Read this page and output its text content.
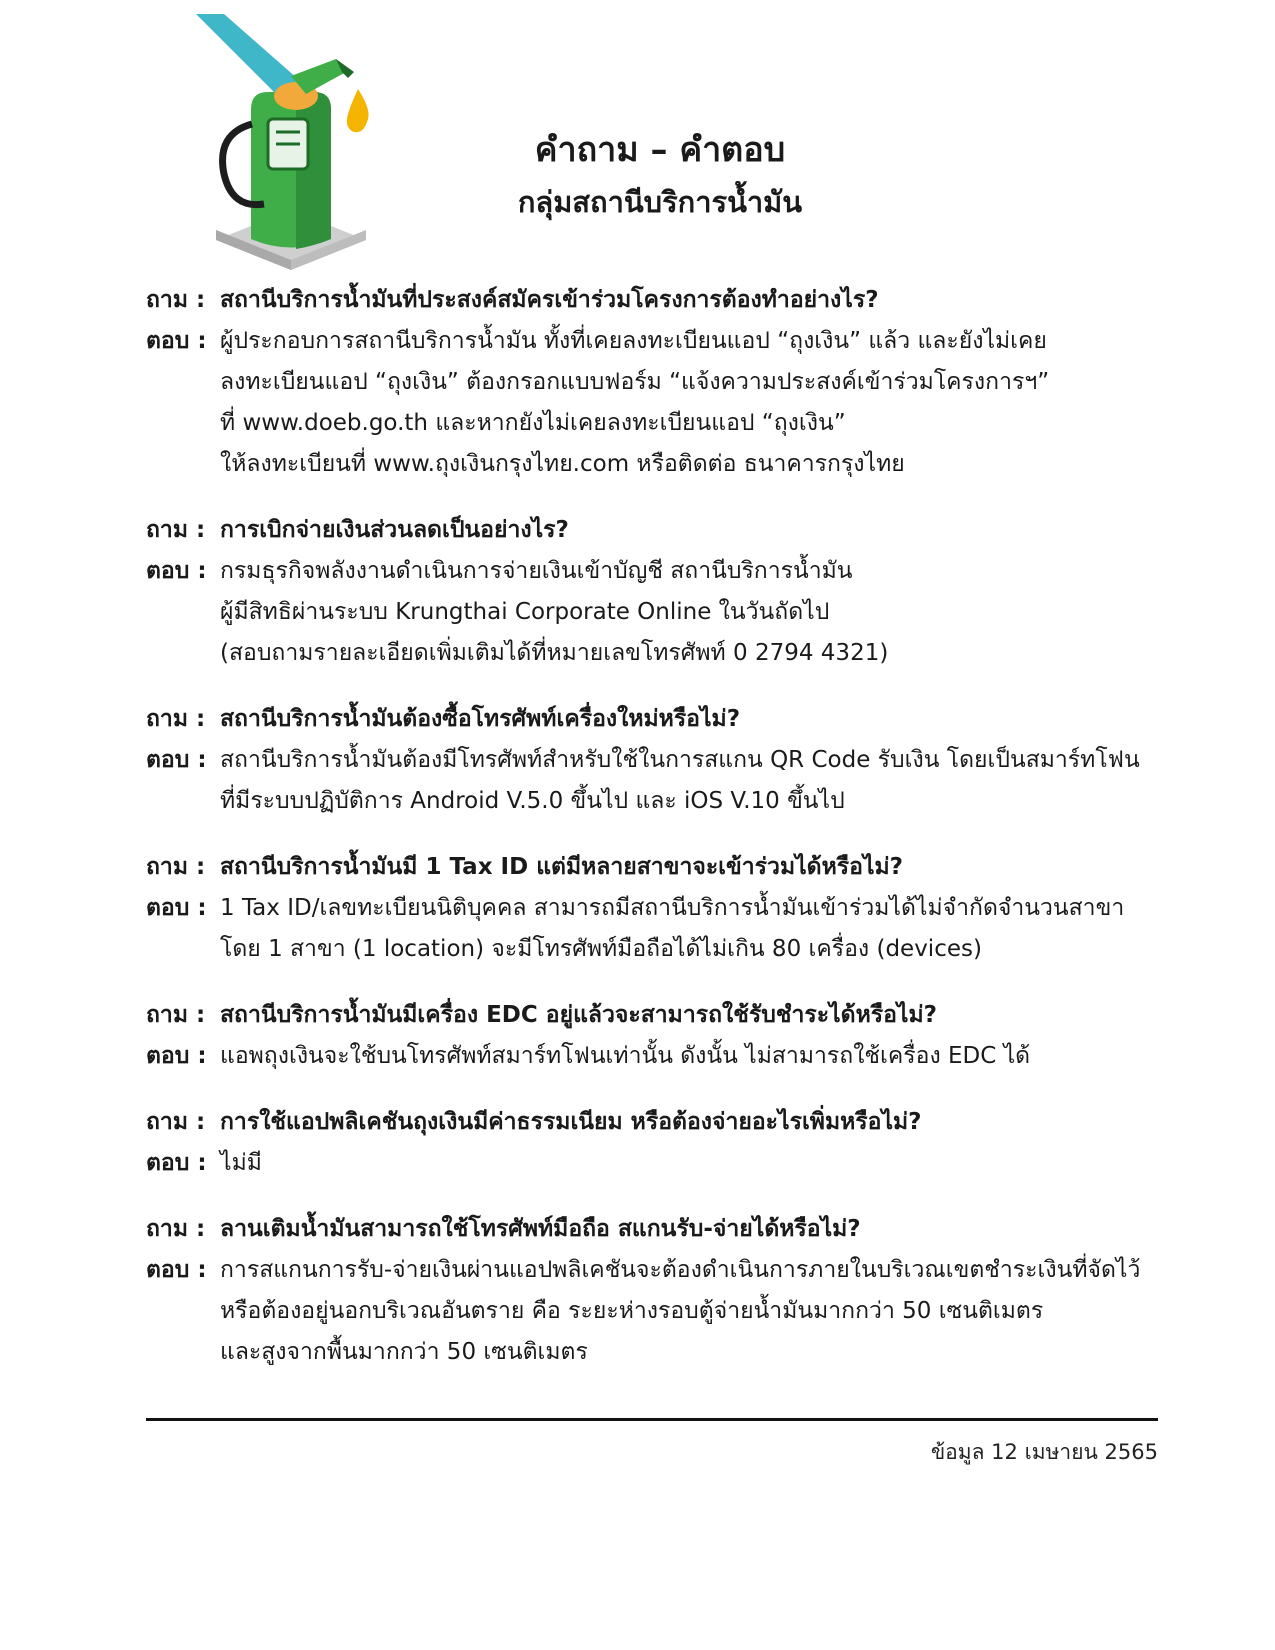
คำถาม – คำตอบ
กลุ่มสถานีบริการน้ำมัน
ถาม : สถานีบริการน้ำมันที่ประสงค์สมัครเข้าร่วมโครงการต้องทำอย่างไร?
ตอบ : ผู้ประกอบการสถานีบริการน้ำมัน ทั้งที่เคยลงทะเบียนแอป “ถุงเงิน” แล้ว และยังไม่เคย
ลงทะเบียนแอป “ถุงเงิน” ต้องกรอกแบบฟอร์ม “แจ้งความประสงค์เข้าร่วมโครงการฯ”
ที่ www.doeb.go.th และหากยังไม่เคยลงทะเบียนแอป “ถุงเงิน”
ให้ลงทะเบียนที่ www.ถุงเงินกรุงไทย.com หรือติดต่อ ธนาคารกรุงไทย
ถาม : การเบิกจ่ายเงินส่วนลดเป็นอย่างไร?
ตอบ : กรมธุรกิจพลังงานดำเนินการจ่ายเงินเข้าบัญชี สถานีบริการน้ำมัน
ผู้มีสิทธิผ่านระบบ Krungthai Corporate Online ในวันถัดไป
(สอบถามรายละเอียดเพิ่มเติมได้ที่หมายเลขโทรศัพท์ 0 2794 4321)
ถาม : สถานีบริการน้ำมันต้องซื้อโทรศัพท์เครื่องใหม่หรือไม่?
ตอบ : สถานีบริการน้ำมันต้องมีโทรศัพท์สำหรับใช้ในการสแกน QR Code รับเงิน โดยเป็นสมาร์ทโฟน
ที่มีระบบปฏิบัติการ Android V.5.0 ขึ้นไป และ iOS V.10 ขึ้นไป
ถาม : สถานีบริการน้ำมันมี 1 Tax ID แต่มีหลายสาขาจะเข้าร่วมได้หรือไม่?
ตอบ : 1 Tax ID/เลขทะเบียนนิติบุคคล สามารถมีสถานีบริการน้ำมันเข้าร่วมได้ไม่จำกัดจำนวนสาขา
โดย 1 สาขา (1 location) จะมีโทรศัพท์มือถือได้ไม่เกิน 80 เครื่อง (devices)
ถาม : สถานีบริการน้ำมันมีเครื่อง EDC อยู่แล้วจะสามารถใช้รับชำระได้หรือไม่?
ตอบ : แอพถุงเงินจะใช้บนโทรศัพท์สมาร์ทโฟนเท่านั้น ดังนั้น ไม่สามารถใช้เครื่อง EDC ได้
ถาม : การใช้แอปพลิเคชันถุงเงินมีค่าธรรมเนียม หรือต้องจ่ายอะไรเพิ่มหรือไม่?
ตอบ : ไม่มี
ถาม : ลานเติมน้ำมันสามารถใช้โทรศัพท์มือถือ สแกนรับ-จ่ายได้หรือไม่?
ตอบ : การสแกนการรับ-จ่ายเงินผ่านแอปพลิเคชันจะต้องดำเนินการภายในบริเวณเขตชำระเงินที่จัดไว้
หรือต้องอยู่นอกบริเวณอันตราย คือ ระยะห่างรอบตู้จ่ายน้ำมันมากกว่า 50 เซนติเมตร
และสูงจากพื้นมากกว่า 50 เซนติเมตร
ข้อมูล 12 เมษายน 2565
